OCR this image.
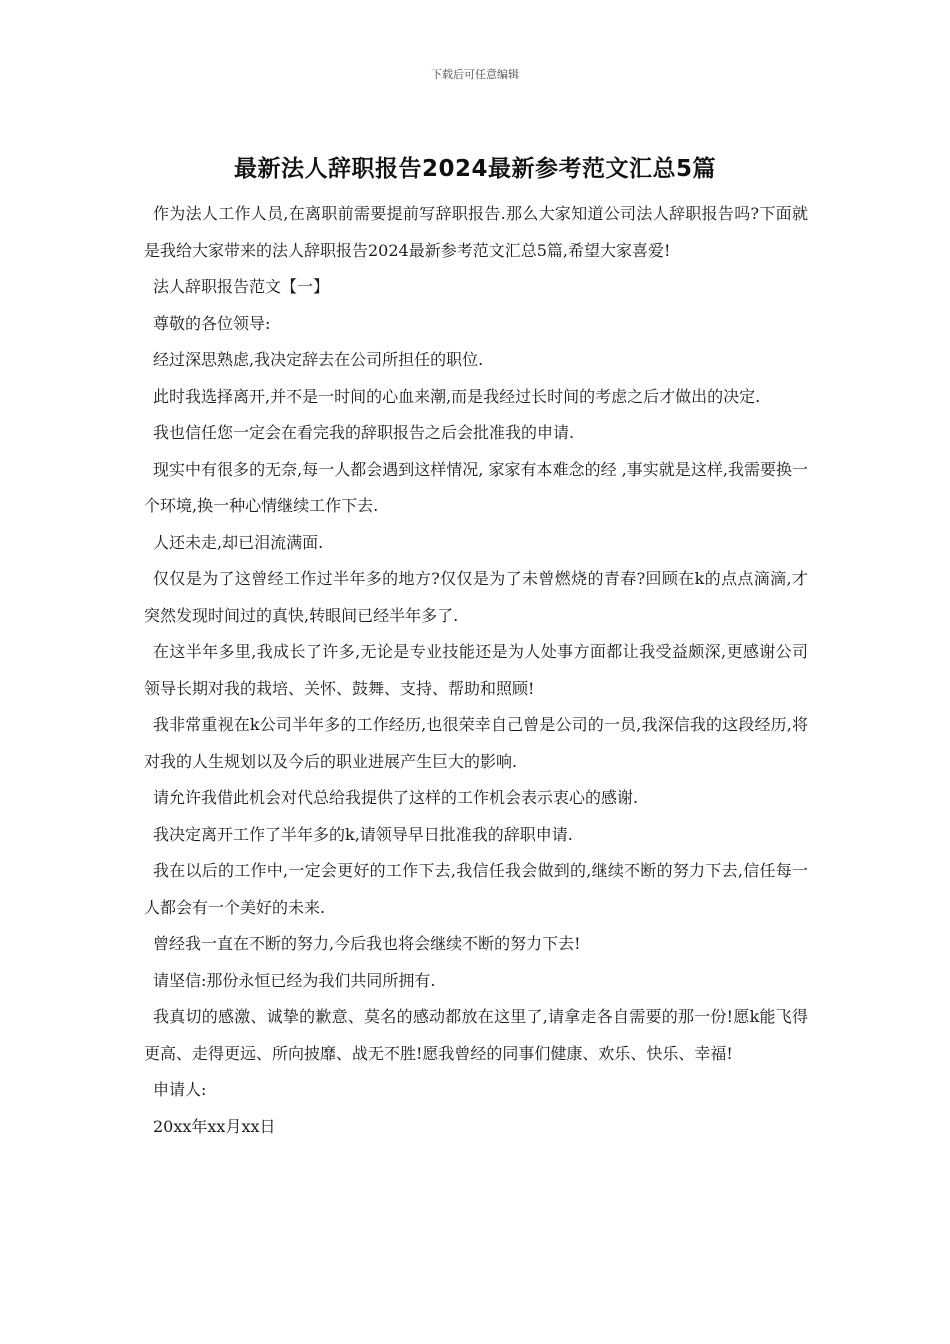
下载后可任意编辑
最新法人辞职报告2024最新参考范文汇总5篇

作为法人工作人员,在离职前需要提前写辞职报告.那么大家知道公司法人辞职报告吗?下面就是我给大家带来的法人辞职报告2024最新参考范文汇总5篇,希望大家喜爱!

法人辞职报告范文【一】

尊敬的各位领导:

经过深思熟虑,我决定辞去在公司所担任的职位.

此时我选择离开,并不是一时间的心血来潮,而是我经过长时间的考虑之后才做出的决定.

我也信任您一定会在看完我的辞职报告之后会批准我的申请.

现实中有很多的无奈,每一人都会遇到这样情况, 家家有本难念的经 ,事实就是这样,我需要换一个环境,换一种心情继续工作下去.

人还未走,却已泪流满面.

仅仅是为了这曾经工作过半年多的地方?仅仅是为了未曾燃烧的青春?回顾在k的点点滴滴,才突然发现时间过的真快,转眼间已经半年多了.

在这半年多里,我成长了许多,无论是专业技能还是为人处事方面都让我受益颇深,更感谢公司领导长期对我的栽培、关怀、鼓舞、支持、帮助和照顾!

我非常重视在k公司半年多的工作经历,也很荣幸自己曾是公司的一员,我深信我的这段经历,将对我的人生规划以及今后的职业进展产生巨大的影响.

请允许我借此机会对代总给我提供了这样的工作机会表示衷心的感谢.

我决定离开工作了半年多的k,请领导早日批准我的辞职申请.

我在以后的工作中,一定会更好的工作下去,我信任我会做到的,继续不断的努力下去,信任每一人都会有一个美好的未来.

曾经我一直在不断的努力,今后我也将会继续不断的努力下去!

请坚信:那份永恒已经为我们共同所拥有.

我真切的感激、诚挚的歉意、莫名的感动都放在这里了,请拿走各自需要的那一份!愿k能飞得更高、走得更远、所向披靡、战无不胜!愿我曾经的同事们健康、欢乐、快乐、幸福!

申请人:

20xx年xx月xx日
